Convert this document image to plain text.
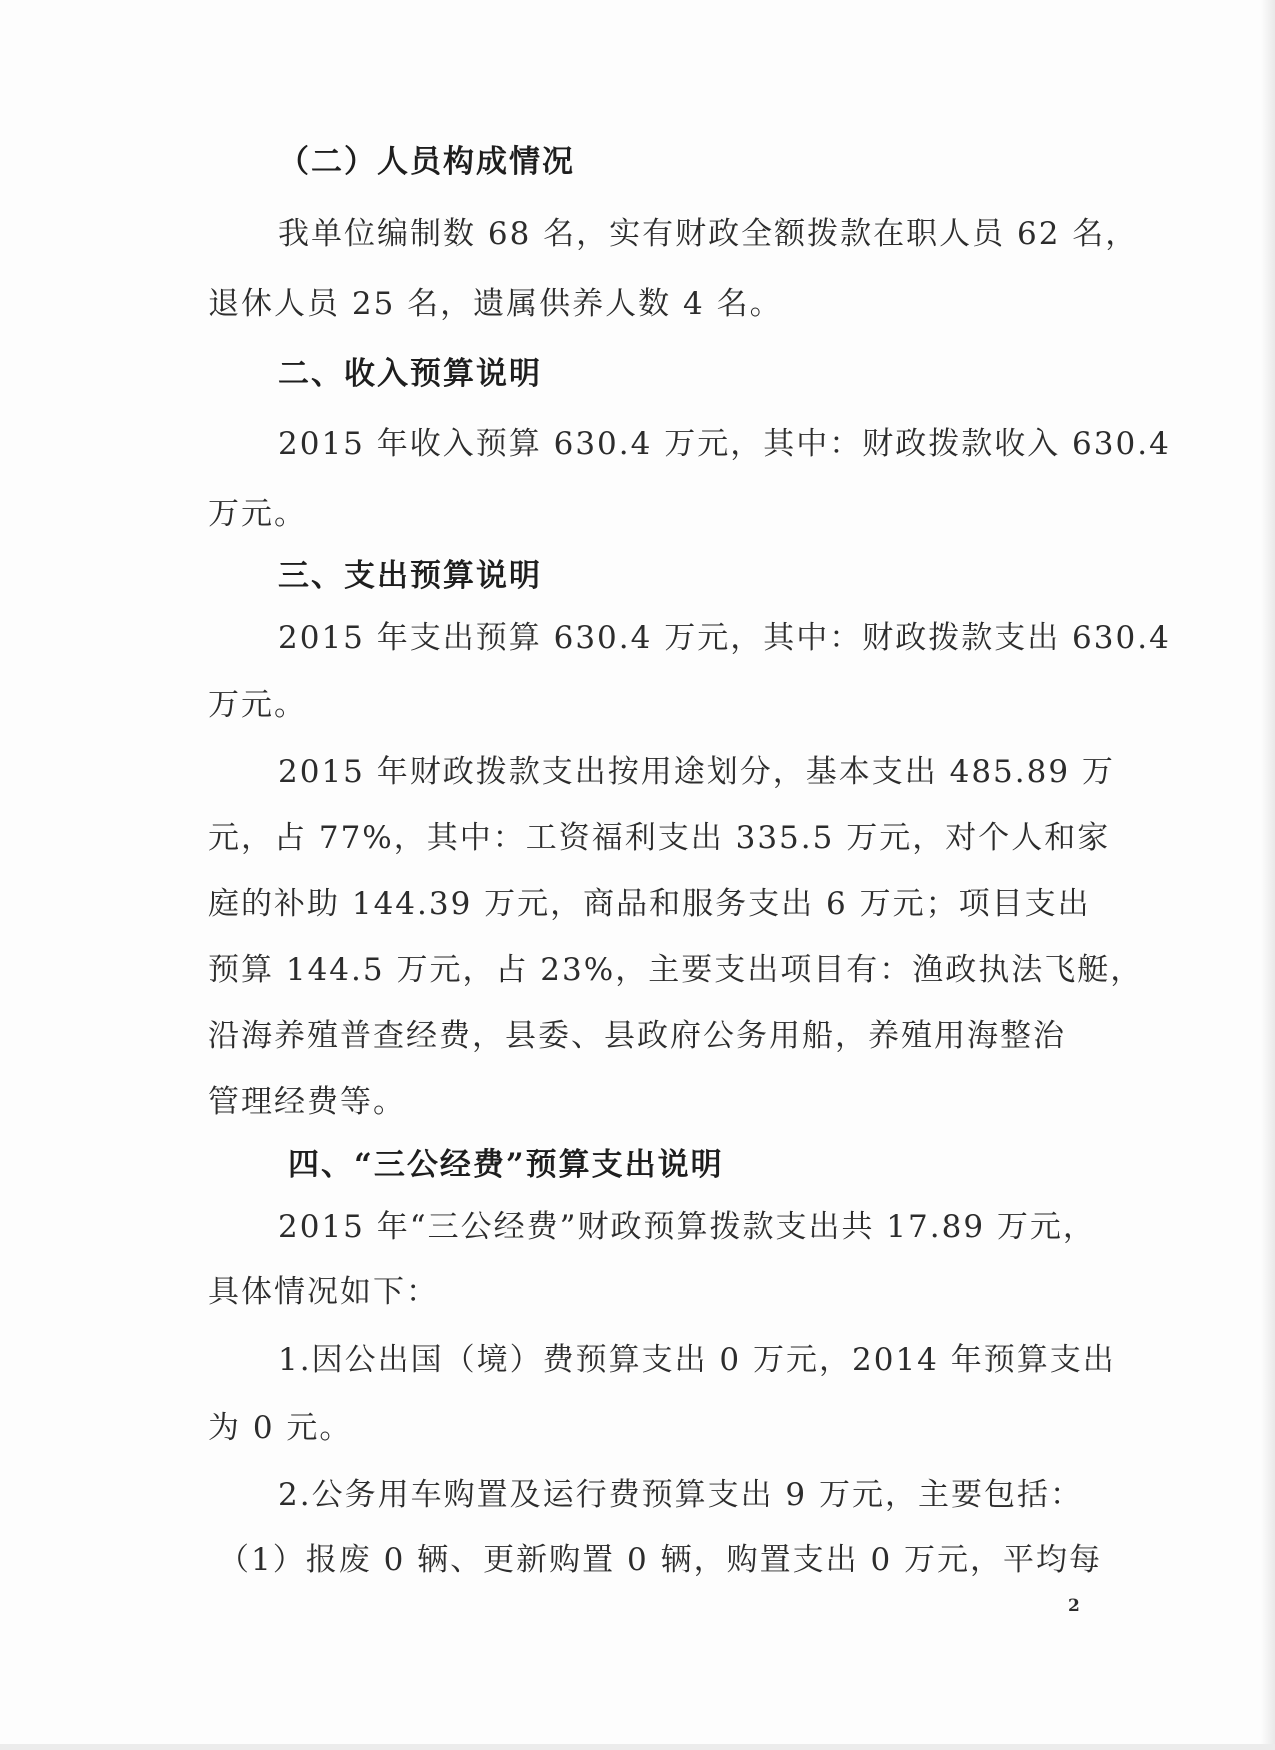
（二）人员构成情况

我单位编制数 68 名，实有财政全额拨款在职人员 62 名，

退休人员 25 名，遗属供养人数 4 名。

二、收入预算说明

2015 年收入预算 630.4 万元，其中：财政拨款收入 630.4

万元。

三、支出预算说明

2015 年支出预算 630.4 万元，其中：财政拨款支出 630.4

万元。

2015 年财政拨款支出按用途划分，基本支出 485.89 万

元，占 77%，其中：工资福利支出 335.5 万元，对个人和家

庭的补助 144.39 万元，商品和服务支出 6 万元；项目支出

预算 144.5 万元，占 23%，主要支出项目有：渔政执法飞艇，

沿海养殖普查经费，县委、县政府公务用船，养殖用海整治

管理经费等。

四、“三公经费”预算支出说明

2015 年“三公经费”财政预算拨款支出共 17.89 万元，

具体情况如下：

1.因公出国（境）费预算支出 0 万元，2014 年预算支出

为 0 元。

2.公务用车购置及运行费预算支出 9 万元，主要包括：

（1）报废 0 辆、更新购置 0 辆，购置支出 0 万元，平均每

2
